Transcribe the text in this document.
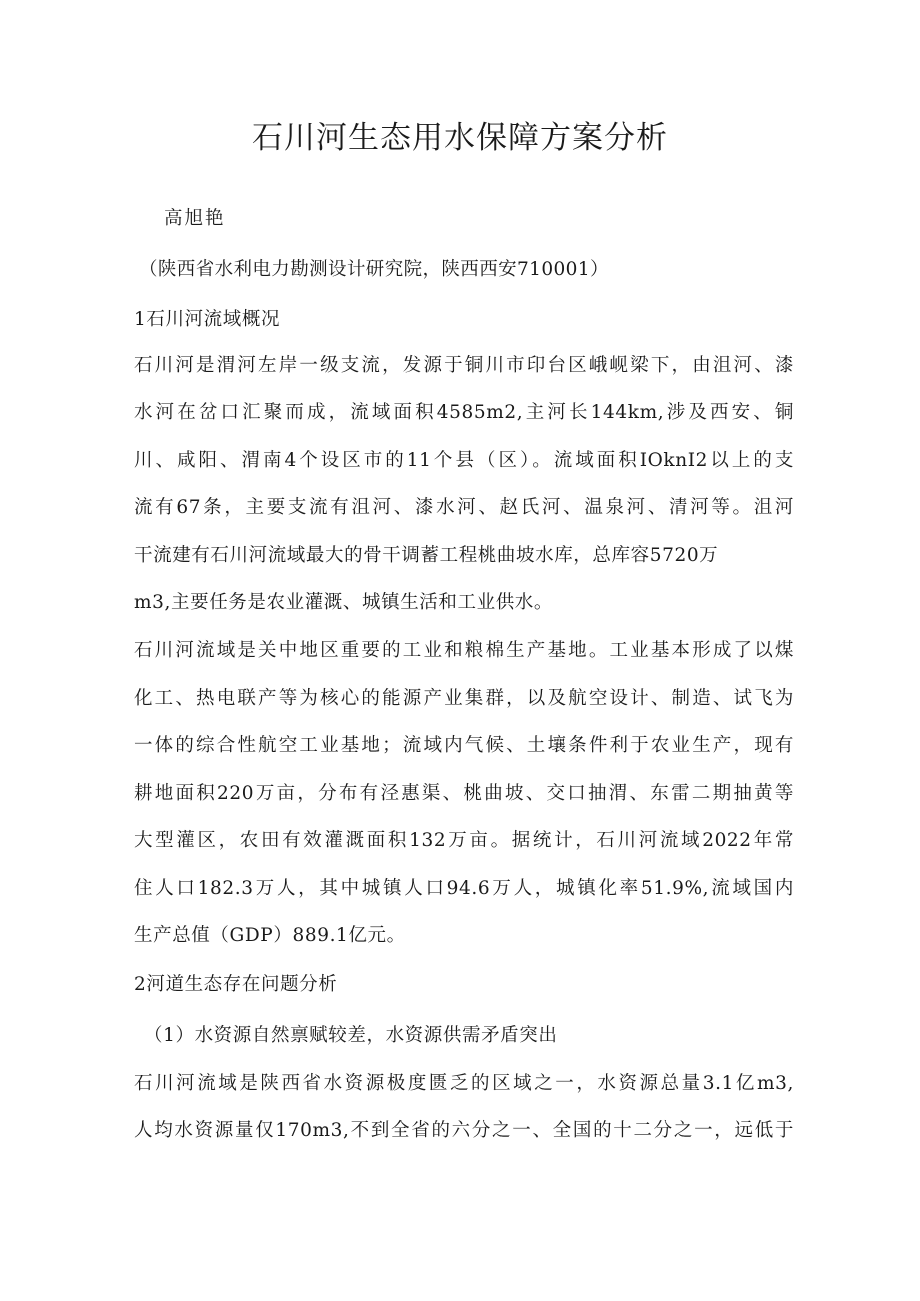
石川河生态用水保障方案分析

高旭艳

（陕西省水利电力勘测设计研究院，陕西西安710001）

1石川河流域概况

石川河是渭河左岸一级支流，发源于铜川市印台区峨岘梁下，由沮河、漆

水河在岔口汇聚而成，流域面积4585m2,主河长144km,涉及西安、铜

川、咸阳、渭南4个设区市的11个县（区）。流域面积IOknI2以上的支

流有67条，主要支流有沮河、漆水河、赵氏河、温泉河、清河等。沮河

干流建有石川河流域最大的骨干调蓄工程桃曲坡水库，总库容5720万

m3,主要任务是农业灌溉、城镇生活和工业供水。

石川河流域是关中地区重要的工业和粮棉生产基地。工业基本形成了以煤

化工、热电联产等为核心的能源产业集群，以及航空设计、制造、试飞为

一体的综合性航空工业基地；流域内气候、土壤条件利于农业生产，现有

耕地面积220万亩，分布有泾惠渠、桃曲坡、交口抽渭、东雷二期抽黄等

大型灌区，农田有效灌溉面积132万亩。据统计，石川河流域2022年常

住人口182.3万人，其中城镇人口94.6万人，城镇化率51.9%,流域国内

生产总值（GDP）889.1亿元。

2河道生态存在问题分析

（1）水资源自然禀赋较差，水资源供需矛盾突出

石川河流域是陕西省水资源极度匮乏的区域之一，水资源总量3.1亿m3,

人均水资源量仅170m3,不到全省的六分之一、全国的十二分之一，远低于
